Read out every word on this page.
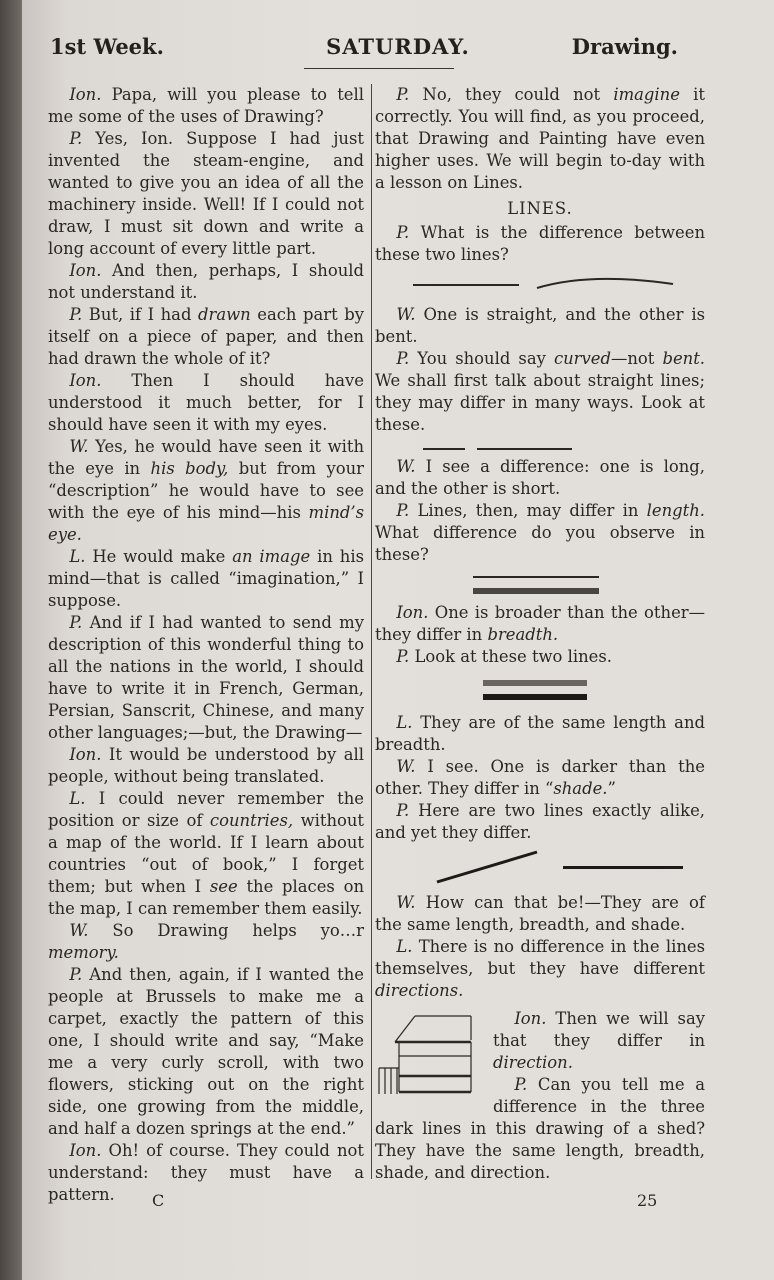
1st Week.	SATURDAY.	Drawing.

Ion. Papa, will you please to tell me some of the uses of Drawing?

P. Yes, Ion. Suppose I had just invented the steam-engine, and wanted to give you an idea of all the machinery inside. Well! If I could not draw, I must sit down and write a long account of every little part.

Ion. And then, perhaps, I should not understand it.

P. But, if I had drawn each part by itself on a piece of paper, and then had drawn the whole of it?

Ion. Then I should have understood it much better, for I should have seen it with my eyes.

W. Yes, he would have seen it with the eye in his body, but from your “description” he would have to see with the eye of his mind—his mind’s eye.

L. He would make an image in his mind—that is called “imagination,” I suppose.

P. And if I had wanted to send my description of this wonderful thing to all the nations in the world, I should have to write it in French, German, Persian, Sanscrit, Chinese, and many other languages;—but, the Drawing—

Ion. It would be understood by all people, without being translated.

L. I could never remember the position or size of countries, without a map of the world. If I learn about countries “out of book,” I forget them; but when I see the places on the map, I can remember them easily.

W. So Drawing helps yo…r memory.

P. And then, again, if I wanted the people at Brussels to make me a carpet, exactly the pattern of this one, I should write and say, “Make me a very curly scroll, with two flowers, sticking out on the right side, one growing from the middle, and half a dozen springs at the end.”

Ion. Oh! of course. They could not understand: they must have a pattern.

P. No, they could not imagine it correctly. You will find, as you proceed, that Drawing and Painting have even higher uses. We will begin to-day with a lesson on Lines.

LINES.

P. What is the difference between these two lines?

W. One is straight, and the other is bent.

P. You should say curved—not bent. We shall first talk about straight lines; they may differ in many ways. Look at these.

W. I see a difference: one is long, and the other is short.

P. Lines, then, may differ in length. What difference do you observe in these?

Ion. One is broader than the other—they differ in breadth.

P. Look at these two lines.

L. They are of the same length and breadth.

W. I see. One is darker than the other. They differ in “shade.”

P. Here are two lines exactly alike, and yet they differ.

W. How can that be!—They are of the same length, breadth, and shade.

L. There is no difference in the lines themselves, but they have different directions.

Ion. Then we will say that they differ in direction.

P. Can you tell me a difference in the three dark lines in this drawing of a shed? They have the same length, breadth, shade, and direction.

C	25
